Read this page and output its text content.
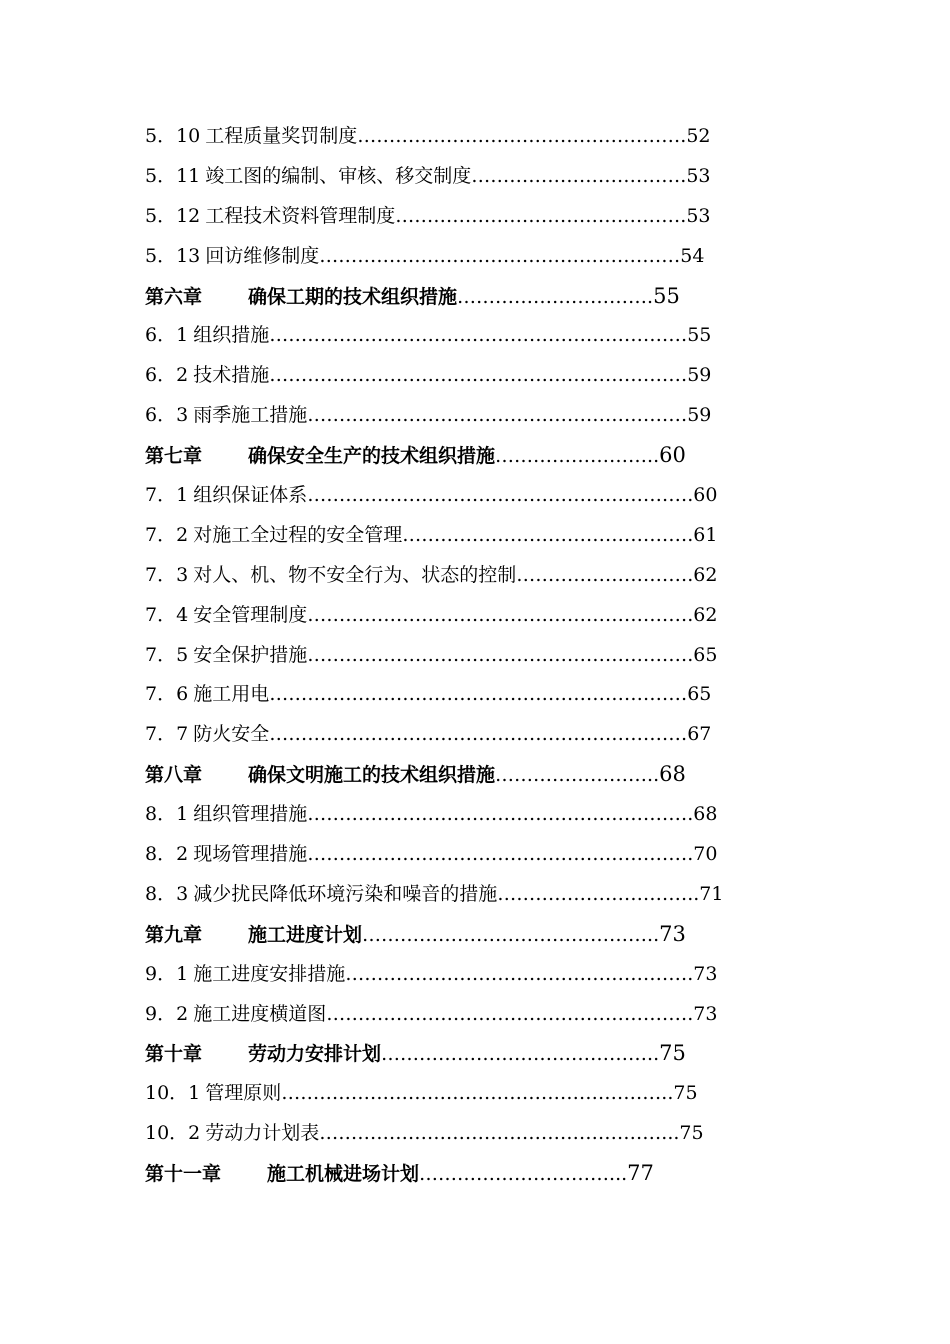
5．10 工程质量奖罚制度…………………………………………….52
5．11 竣工图的编制、审核、移交制度…………………………….53
5．12 工程技术资料管理制度……………………………………….53
5．13 回访维修制度…………………………………………………54
第六章 确保工期的技术组织措施………………………….55
6．1 组织措施…………………………………………………………55
6．2 技术措施…………………………………………………………59
6．3 雨季施工措施……………………………………………………59
第七章 确保安全生产的技术组织措施……………………..60
7．1 组织保证体系…………………………………………………….60
7．2 对施工全过程的安全管理……………………………………….61
7．3 对人、机、物不安全行为、状态的控制……………………….62
7．4 安全管理制度…………………………………………………….62
7．5 安全保护措施…………………………………………………….65
7．6 施工用电…………………………………………………………65
7．7 防火安全…………………………………………………………67
第八章 确保文明施工的技术组织措施……………………..68
8．1 组织管理措施…………………………………………………….68
8．2 现场管理措施…………………………………………………….70
8．3 减少扰民降低环境污染和噪音的措施…………………………..71
第九章 施工进度计划………………………………………..73
9．1 施工进度安排措施……………………………………………….73
9．2 施工进度横道图………………………………………………….73
第十章 劳动力安排计划……………………………………..75
10．1 管理原则……………………………………………………..75
10．2 劳动力计划表………………………………………………...75
第十一章 施工机械进场计划…………………………...77
